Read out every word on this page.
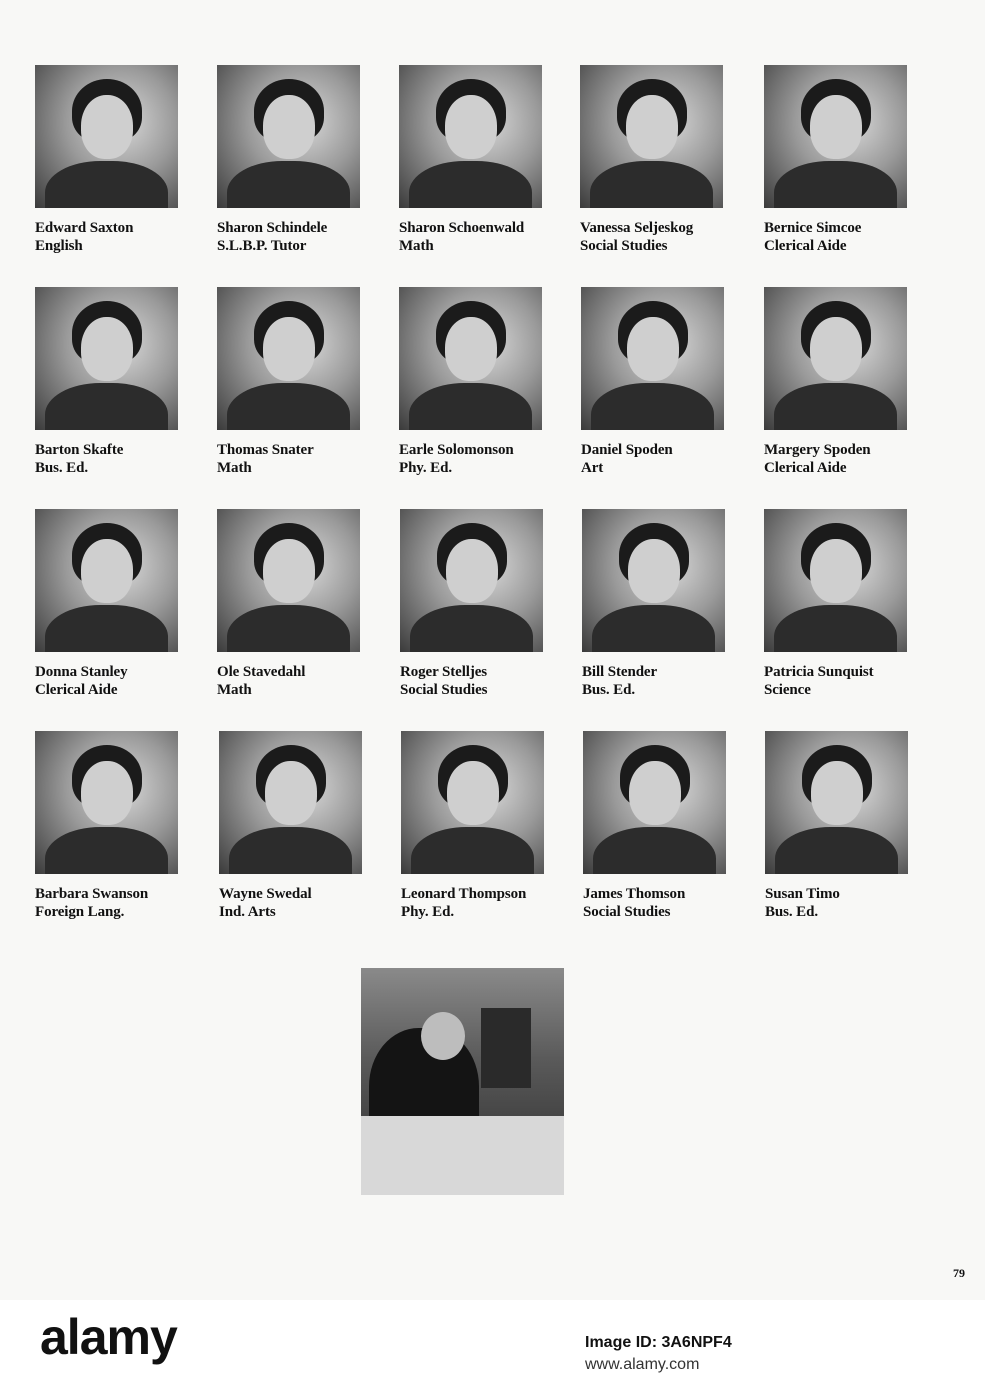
Edward Saxton
English
Sharon Schindele
S.L.B.P. Tutor
Sharon Schoenwald
Math
Vanessa Seljeskog
Social Studies
Bernice Simcoe
Clerical Aide
Barton Skafte
Bus. Ed.
Thomas Snater
Math
Earle Solomonson
Phy. Ed.
Daniel Spoden
Art
Margery Spoden
Clerical Aide
Donna Stanley
Clerical Aide
Ole Stavedahl
Math
Roger Stelljes
Social Studies
Bill Stender
Bus. Ed.
Patricia Sunquist
Science
Barbara Swanson
Foreign Lang.
Wayne Swedal
Ind. Arts
Leonard Thompson
Phy. Ed.
James Thomson
Social Studies
Susan Timo
Bus. Ed.
79
alamy	Image ID: 3A6NPF4
www.alamy.com
